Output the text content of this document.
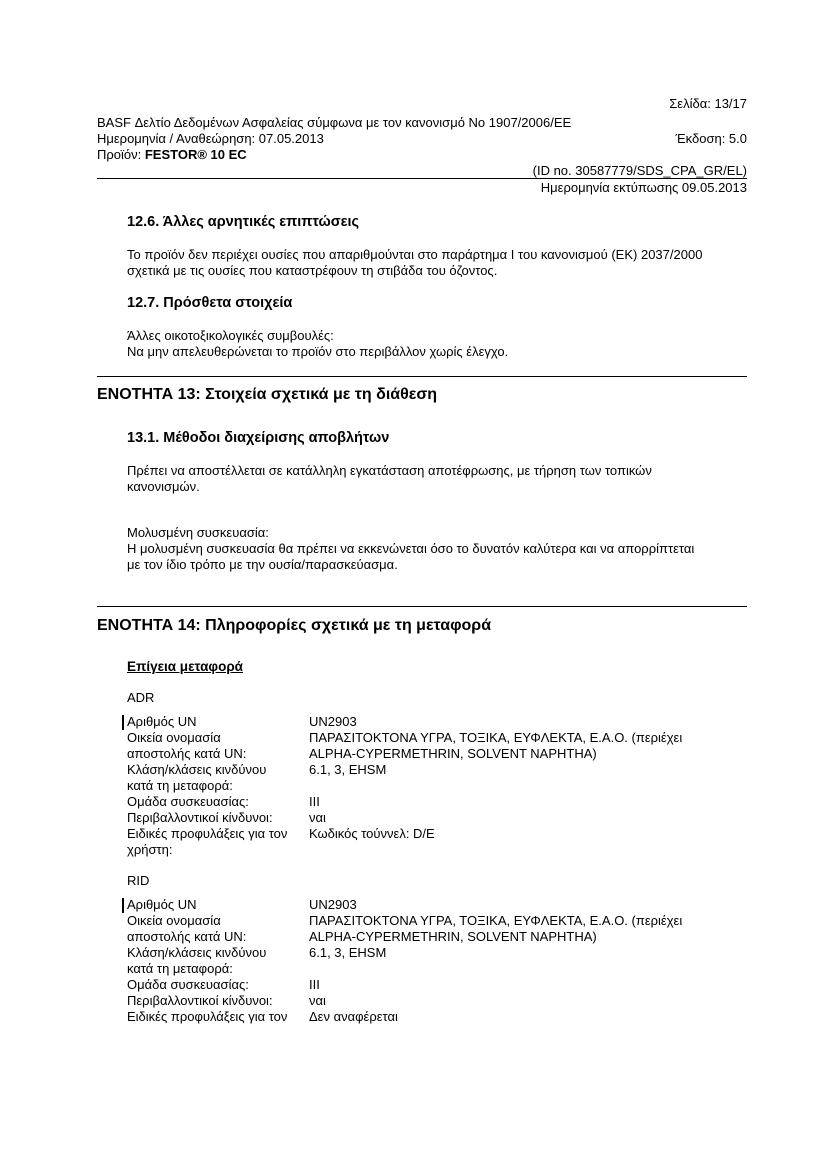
Σελίδα: 13/17
BASF Δελτίο Δεδομένων Ασφαλείας σύμφωνα με τον κανονισμό No 1907/2006/ΕΕ
Ημερομηνία / Αναθεώρηση: 07.05.2013	Έκδοση: 5.0
Προϊόν: FESTOR® 10 EC
(ID no. 30587779/SDS_CPA_GR/EL)
Ημερομηνία εκτύπωσης 09.05.2013
12.6. Άλλες αρνητικές επιπτώσεις
Το προϊόν δεν περιέχει ουσίες που απαριθμούνται στο παράρτημα I του κανονισμού (ΕΚ) 2037/2000
σχετικά με τις ουσίες που καταστρέφουν τη στιβάδα του όζοντος.
12.7. Πρόσθετα στοιχεία
Άλλες οικοτοξικολογικές συμβουλές:
Να μην απελευθερώνεται το προϊόν στο περιβάλλον χωρίς έλεγχο.
ΕΝΟΤΗΤΑ 13: Στοιχεία σχετικά με τη διάθεση
13.1. Μέθοδοι διαχείρισης αποβλήτων
Πρέπει να αποστέλλεται σε κατάλληλη εγκατάσταση αποτέφρωσης, με τήρηση των τοπικών
κανονισμών.
Μολυσμένη συσκευασία:
Η μολυσμένη συσκευασία θα πρέπει να εκκενώνεται όσο το δυνατόν καλύτερα και να απορρίπτεται
με τον ίδιο τρόπο με την ουσία/παρασκεύασμα.
ΕΝΟΤΗΤΑ 14: Πληροφορίες σχετικά με τη μεταφορά
Επίγεια μεταφορά
ADR
Αριθμός UN	UN2903
Οικεία ονομασία	ΠΑΡΑΣΙΤΟΚΤΟΝΑ ΥΓΡΑ, ΤΟΞΙΚΑ, ΕΥΦΛΕΚΤΑ, Ε.Α.Ο. (περιέχει
αποστολής κατά UN:	ALPHA-CYPERMETHRIN, SOLVENT NAPHTHA)
Κλάση/κλάσεις κινδύνου	6.1, 3, EHSM
κατά τη μεταφορά:
Ομάδα συσκευασίας:	III
Περιβαλλοντικοί κίνδυνοι:	ναι
Ειδικές προφυλάξεις για τον	Κωδικός τούννελ: D/E
χρήστη:
RID
Αριθμός UN	UN2903
Οικεία ονομασία	ΠΑΡΑΣΙΤΟΚΤΟΝΑ ΥΓΡΑ, ΤΟΞΙΚΑ, ΕΥΦΛΕΚΤΑ, Ε.Α.Ο. (περιέχει
αποστολής κατά UN:	ALPHA-CYPERMETHRIN, SOLVENT NAPHTHA)
Κλάση/κλάσεις κινδύνου	6.1, 3, EHSM
κατά τη μεταφορά:
Ομάδα συσκευασίας:	III
Περιβαλλοντικοί κίνδυνοι:	ναι
Ειδικές προφυλάξεις για τον	Δεν αναφέρεται
